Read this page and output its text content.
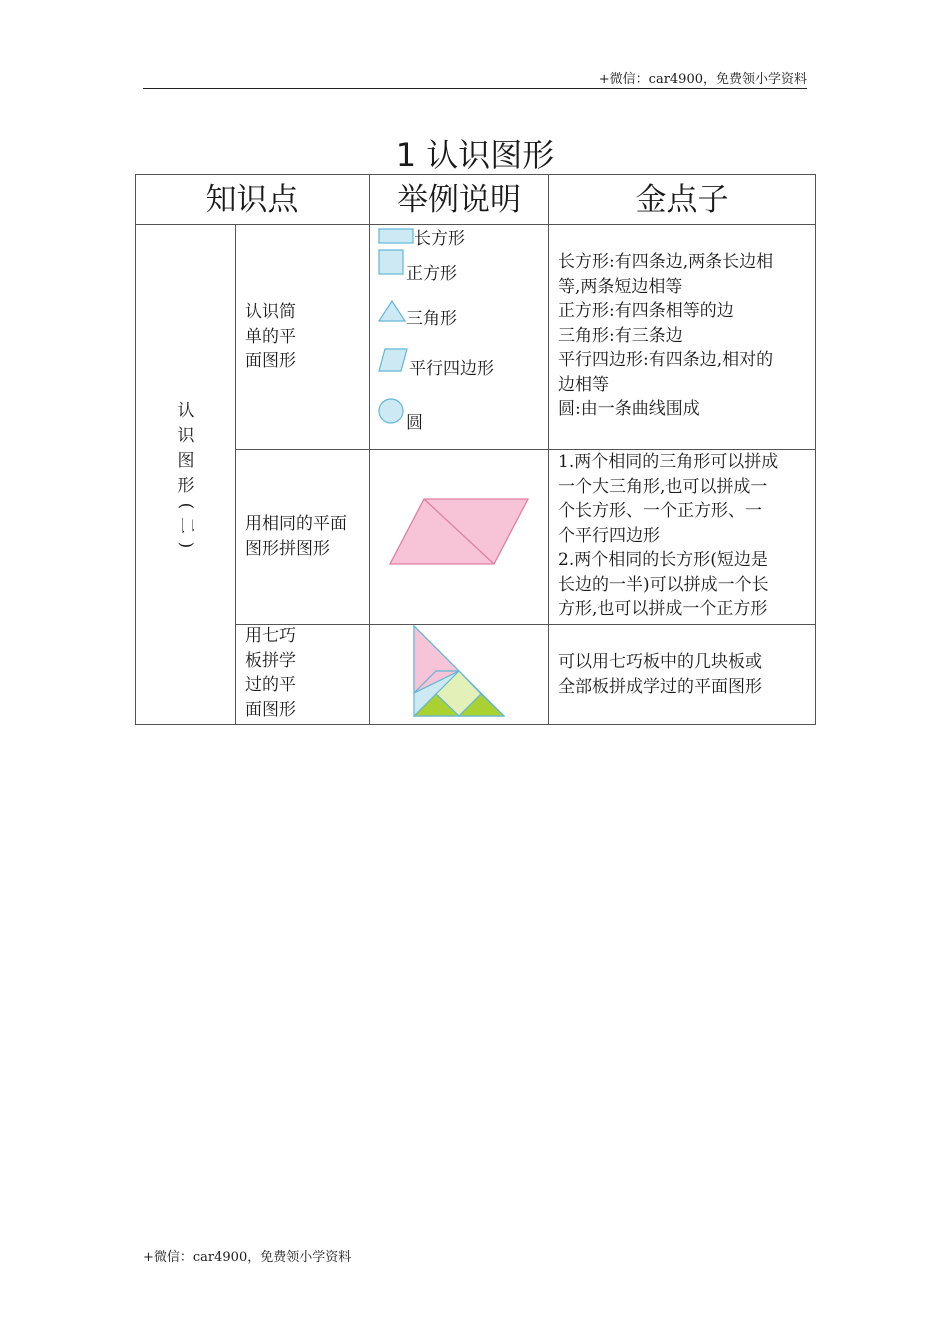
+微信：car4900，免费领小学资料
1 认识图形
知识点	举例说明	金点子
认
识
图
形
(
二
)
认识简
单的平
面图形
长方形
正方形
三角形
平行四边形
圆
长方形:有四条边,两条长边相
等,两条短边相等
正方形:有四条相等的边
三角形:有三条边
平行四边形:有四条边,相对的
边相等
圆:由一条曲线围成
用相同的平面
图形拼图形
1.两个相同的三角形可以拼成
一个大三角形,也可以拼成一
个长方形、一个正方形、一
个平行四边形
2.两个相同的长方形(短边是
长边的一半)可以拼成一个长
方形,也可以拼成一个正方形
用七巧
板拼学
过的平
面图形
可以用七巧板中的几块板或
全部板拼成学过的平面图形
+微信：car4900，免费领小学资料
